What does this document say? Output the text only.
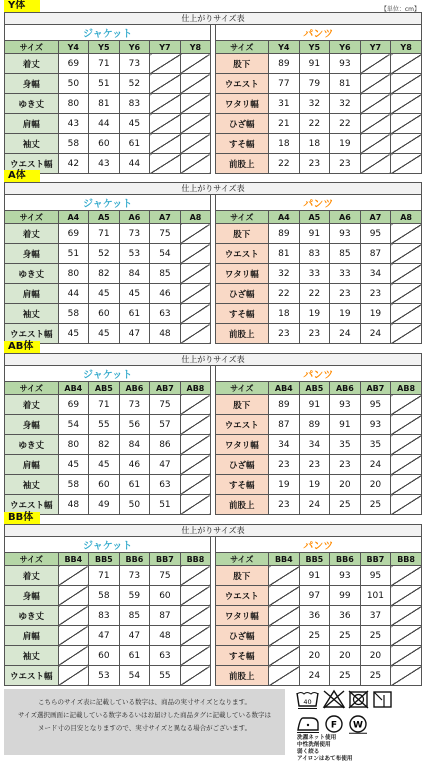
【単位：cm】
Y体
仕上がりサイズ表												
ジャケット							パンツ					
サイズ	Y4	Y5	Y6	Y7	Y8		サイズ	Y4	Y5	Y6	Y7	Y8
着丈	69	71	73				股下	89	91	93		
身幅	50	51	52				ウエスト	77	79	81		
ゆき丈	80	81	83				ワタリ幅	31	32	32		
肩幅	43	44	45				ひざ幅	21	22	22		
袖丈	58	60	61				すそ幅	18	18	19		
ウエスト幅	42	43	44				前股上	22	23	23		
A体
仕上がりサイズ表												
ジャケット							パンツ					
サイズ	A4	A5	A6	A7	A8		サイズ	A4	A5	A6	A7	A8
着丈	69	71	73	75			股下	89	91	93	95	
身幅	51	52	53	54			ウエスト	81	83	85	87	
ゆき丈	80	82	84	85			ワタリ幅	32	33	33	34	
肩幅	44	45	45	46			ひざ幅	22	22	23	23	
袖丈	58	60	61	63			すそ幅	18	19	19	19	
ウエスト幅	45	45	47	48			前股上	23	23	24	24	
AB体
仕上がりサイズ表												
ジャケット							パンツ					
サイズ	AB4	AB5	AB6	AB7	AB8		サイズ	AB4	AB5	AB6	AB7	AB8
着丈	69	71	73	75			股下	89	91	93	95	
身幅	54	55	56	57			ウエスト	87	89	91	93	
ゆき丈	80	82	84	86			ワタリ幅	34	34	35	35	
肩幅	45	45	46	47			ひざ幅	23	23	23	24	
袖丈	58	60	61	63			すそ幅	19	19	20	20	
ウエスト幅	48	49	50	51			前股上	23	24	25	25	
BB体
仕上がりサイズ表												
ジャケット							パンツ					
サイズ	BB4	BB5	BB6	BB7	BB8		サイズ	BB4	BB5	BB6	BB7	BB8
着丈		71	73	75			股下		91	93	95	
身幅		58	59	60			ウエスト		97	99	101	
ゆき丈		83	85	87			ワタリ幅		36	36	37	
肩幅		47	47	48			ひざ幅		25	25	25	
袖丈		60	61	63			すそ幅		20	20	20	
ウエスト幅		53	54	55			前股上		24	25	25	

こちらのサイズ表に記載している数字は、商品の実寸サイズとなります。

サイズ選択画面に記載している数字あるいはお届けした商品タグに記載している数字は

ヌード寸の目安となりますので、実寸サイズと異なる場合がございます。

40
F W
洗濯ネット使用
中性洗剤使用
弱く絞る
アイロンはあて布使用
